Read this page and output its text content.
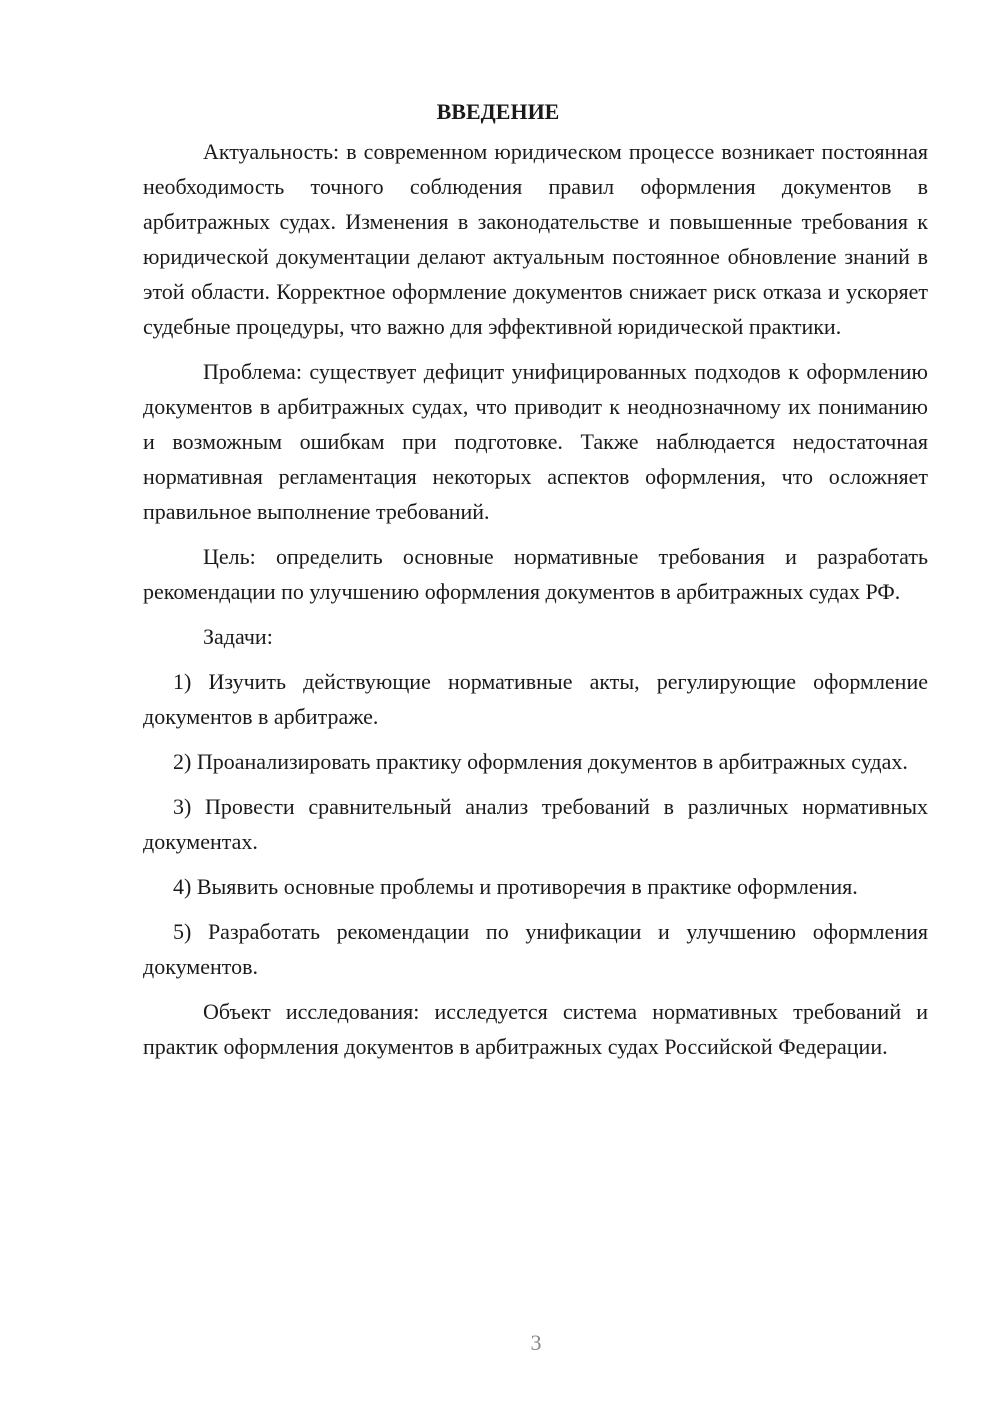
ВВЕДЕНИЕ

Актуальность: в современном юридическом процессе возникает постоянная необходимость точного соблюдения правил оформления документов в арбитражных судах. Изменения в законодательстве и повышенные требования к юридической документации делают актуальным постоянное обновление знаний в этой области. Корректное оформление документов снижает риск отказа и ускоряет судебные процедуры, что важно для эффективной юридической практики.

Проблема: существует дефицит унифицированных подходов к оформлению документов в арбитражных судах, что приводит к неоднозначному их пониманию и возможным ошибкам при подготовке. Также наблюдается недостаточная нормативная регламентация некоторых аспектов оформления, что осложняет правильное выполнение требований.

Цель: определить основные нормативные требования и разработать рекомендации по улучшению оформления документов в арбитражных судах РФ.

Задачи:

1) Изучить действующие нормативные акты, регулирующие оформление документов в арбитраже.

2) Проанализировать практику оформления документов в арбитражных судах.

3) Провести сравнительный анализ требований в различных нормативных документах.

4) Выявить основные проблемы и противоречия в практике оформления.

5) Разработать рекомендации по унификации и улучшению оформления документов.

Объект исследования: исследуется система нормативных требований и практик оформления документов в арбитражных судах Российской Федерации.

3
